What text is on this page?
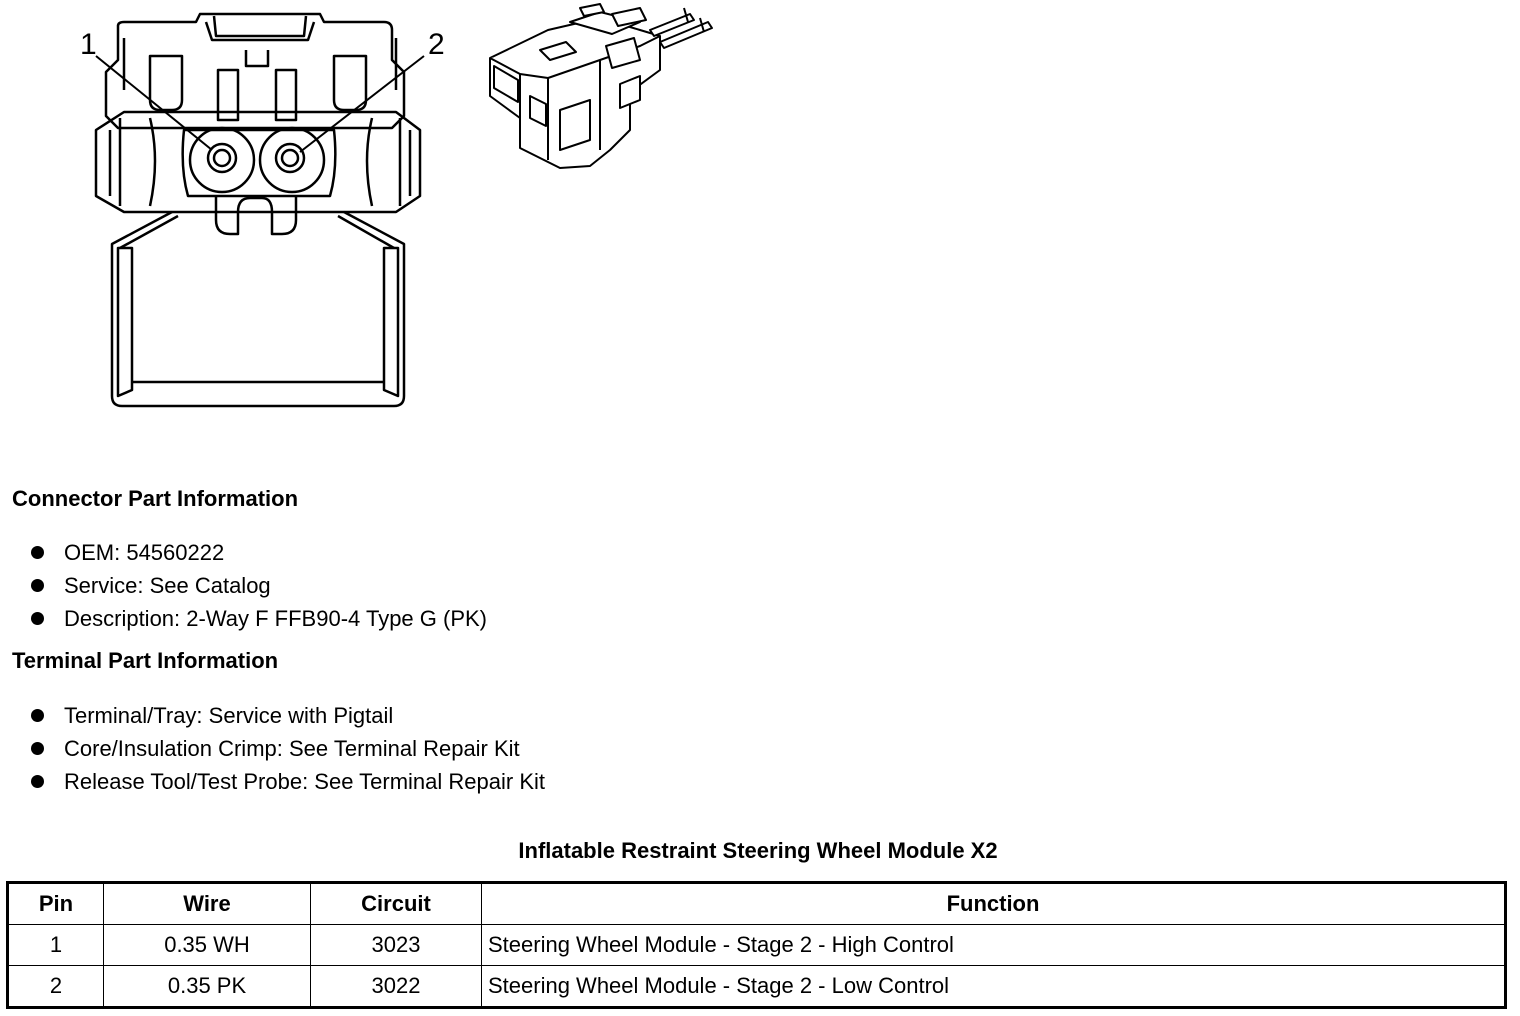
1	2
Connector Part Information
OEM: 54560222
Service: See Catalog
Description: 2-Way F FFB90-4 Type G (PK)
Terminal Part Information
Terminal/Tray: Service with Pigtail
Core/Insulation Crimp: See Terminal Repair Kit
Release Tool/Test Probe: See Terminal Repair Kit
Inflatable Restraint Steering Wheel Module X2
Pin	Wire	Circuit	Function
1	0.35 WH	3023	Steering Wheel Module - Stage 2 - High Control
2	0.35 PK	3022	Steering Wheel Module - Stage 2 - Low Control
